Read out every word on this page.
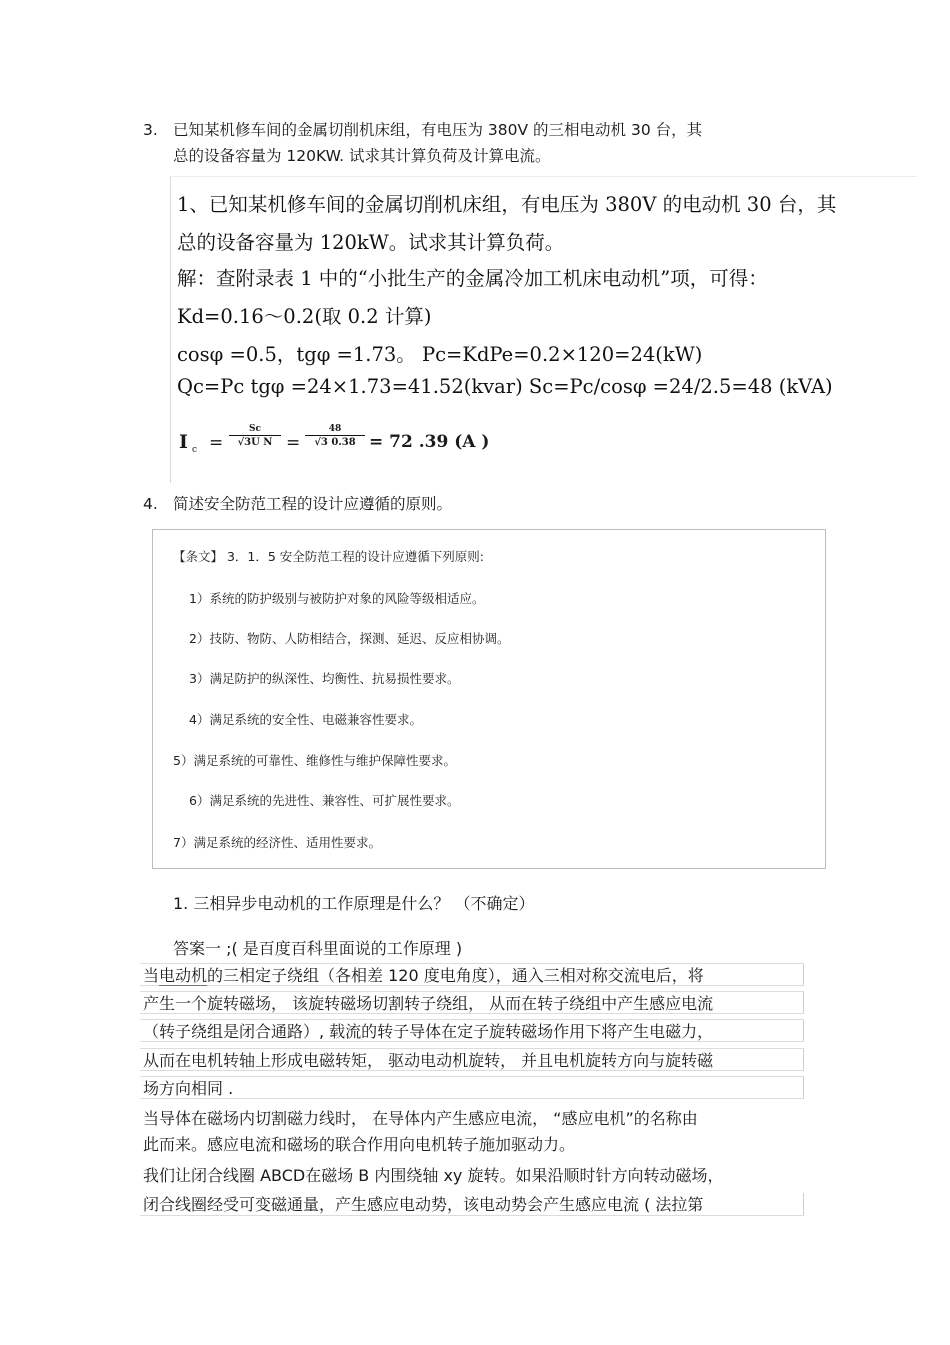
3. 已知某机修车间的金属切削机床组，有电压为 380V 的三相电动机 30 台，其
总的设备容量为 120KW. 试求其计算负荷及计算电流。
1、已知某机修车间的金属切削机床组，有电压为 380V 的电动机 30 台，其
总的设备容量为 120kW。试求其计算负荷。
解：查附录表 1 中的“小批生产的金属冷加工机床电动机”项，可得：
Kd=0.16～0.2(取 0.2 计算)
cosφ =0.5，tgφ =1.73。 Pc=KdPe=0.2×120=24(kW)
Qc=Pc tgφ =24×1.73=41.52(kvar) Sc=Pc/cosφ =24/2.5=48 (kVA)
I $c = \frac{Sc}{\text{√3U N}} = \frac{48}{√3 0.38} = 72$ .39 (A )
4. 简述安全防范工程的设计应遵循的原则。
【条文】 3．1．5 安全防范工程的设计应遵循下列原则:
1）系统的防护级别与被防护对象的风险等级相适应。
2）技防、物防、人防相结合，探测、延迟、反应相协调。
3）满足防护的纵深性、均衡性、抗易损性要求。
4）满足系统的安全性、电磁兼容性要求。
5）满足系统的可靠性、维修性与维护保障性要求。
6）满足系统的先进性、兼容性、可扩展性要求。
7）满足系统的经济性、适用性要求。
1. 三相异步电动机的工作原理是什么？ （不确定）
答案一 ;( 是百度百科里面说的工作原理 )
当电动机的三相定子绕组（各相差 120 度电角度），通入三相对称交流电后，将
产生一个旋转磁场， 该旋转磁场切割转子绕组， 从而在转子绕组中产生感应电流
（转子绕组是闭合通路）, 载流的转子导体在定子旋转磁场作用下将产生电磁力，
从而在电机转轴上形成电磁转矩， 驱动电动机旋转， 并且电机旋转方向与旋转磁
场方向相同 .
当导体在磁场内切割磁力线时， 在导体内产生感应电流， “感应电机”的名称由
此而来。感应电流和磁场的联合作用向电机转子施加驱动力。
我们让闭合线圈 ABCD在磁场 B 内围绕轴 xy 旋转。如果沿顺时针方向转动磁场，
闭合线圈经受可变磁通量，产生感应电动势，该电动势会产生感应电流 ( 法拉第
